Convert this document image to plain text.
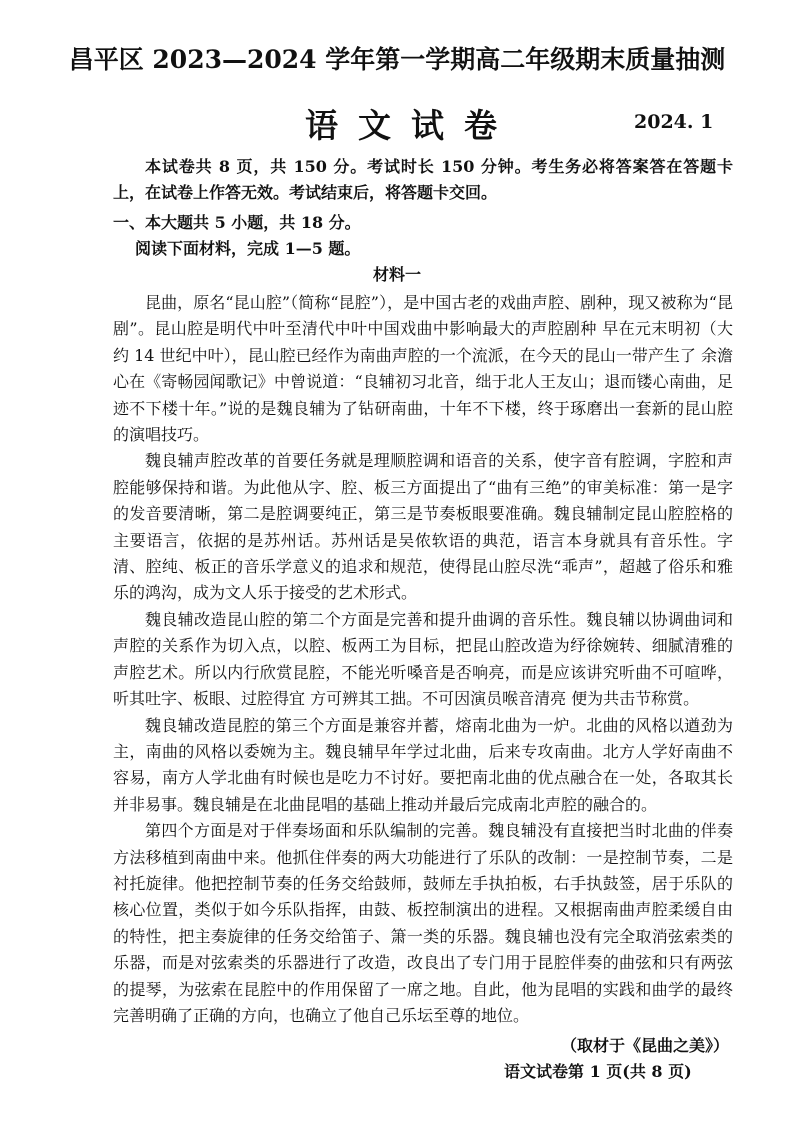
昌平区 2023—2024 学年第一学期高二年级期末质量抽测
语文试卷	2024. 1
本试卷共 8 页，共 150 分。考试时长 150 分钟。考生务必将答案答在答题卡上，在试卷上作答无效。考试结束后，将答题卡交回。
一、本大题共 5 小题，共 18 分。
阅读下面材料，完成 1—5 题。
材料一

昆曲，原名“昆山腔”（简称“昆腔”），是中国古老的戏曲声腔、剧种，现又被称为“昆剧”。昆山腔是明代中叶至清代中叶中国戏曲中影响最大的声腔剧种 早在元末明初（大约 14 世纪中叶），昆山腔已经作为南曲声腔的一个流派，在今天的昆山一带产生了 余澹心在《寄畅园闻歌记》中曾说道：“良辅初习北音，绌于北人王友山；退而镂心南曲，足迹不下楼十年。”说的是魏良辅为了钻研南曲，十年不下楼，终于琢磨出一套新的昆山腔的演唱技巧。

魏良辅声腔改革的首要任务就是理顺腔调和语音的关系，使字音有腔调，字腔和声腔能够保持和谐。为此他从字、腔、板三方面提出了“曲有三绝”的审美标准：第一是字的发音要清晰，第二是腔调要纯正，第三是节奏板眼要准确。魏良辅制定昆山腔腔格的主要语言，依据的是苏州话。苏州话是吴侬软语的典范，语言本身就具有音乐性。字清、腔纯、板正的音乐学意义的追求和规范，使得昆山腔尽洗“乖声”，超越了俗乐和雅乐的鸿沟，成为文人乐于接受的艺术形式。

魏良辅改造昆山腔的第二个方面是完善和提升曲调的音乐性。魏良辅以协调曲词和声腔的关系作为切入点，以腔、板两工为目标，把昆山腔改造为纾徐婉转、细腻清雅的声腔艺术。所以内行欣赏昆腔，不能光听嗓音是否响亮，而是应该讲究听曲不可喧哗，听其吐字、板眼、过腔得宜 方可辨其工拙。不可因演员喉音清亮 便为共击节称赏。

魏良辅改造昆腔的第三个方面是兼容并蓄，熔南北曲为一炉。北曲的风格以遒劲为主，南曲的风格以委婉为主。魏良辅早年学过北曲，后来专攻南曲。北方人学好南曲不容易，南方人学北曲有时候也是吃力不讨好。要把南北曲的优点融合在一处，各取其长并非易事。魏良辅是在北曲昆唱的基础上推动并最后完成南北声腔的融合的。

第四个方面是对于伴奏场面和乐队编制的完善。魏良辅没有直接把当时北曲的伴奏方法移植到南曲中来。他抓住伴奏的两大功能进行了乐队的改制：一是控制节奏，二是衬托旋律。他把控制节奏的任务交给鼓师，鼓师左手执拍板，右手执鼓签，居于乐队的核心位置，类似于如今乐队指挥，由鼓、板控制演出的进程。又根据南曲声腔柔缓自由的特性，把主奏旋律的任务交给笛子、箫一类的乐器。魏良辅也没有完全取消弦索类的乐器，而是对弦索类的乐器进行了改造，改良出了专门用于昆腔伴奏的曲弦和只有两弦的提琴，为弦索在昆腔中的作用保留了一席之地。自此，他为昆唱的实践和曲学的最终完善明确了正确的方向，也确立了他自己乐坛至尊的地位。

（取材于《昆曲之美》）
语文试卷第 1 页(共 8 页)
